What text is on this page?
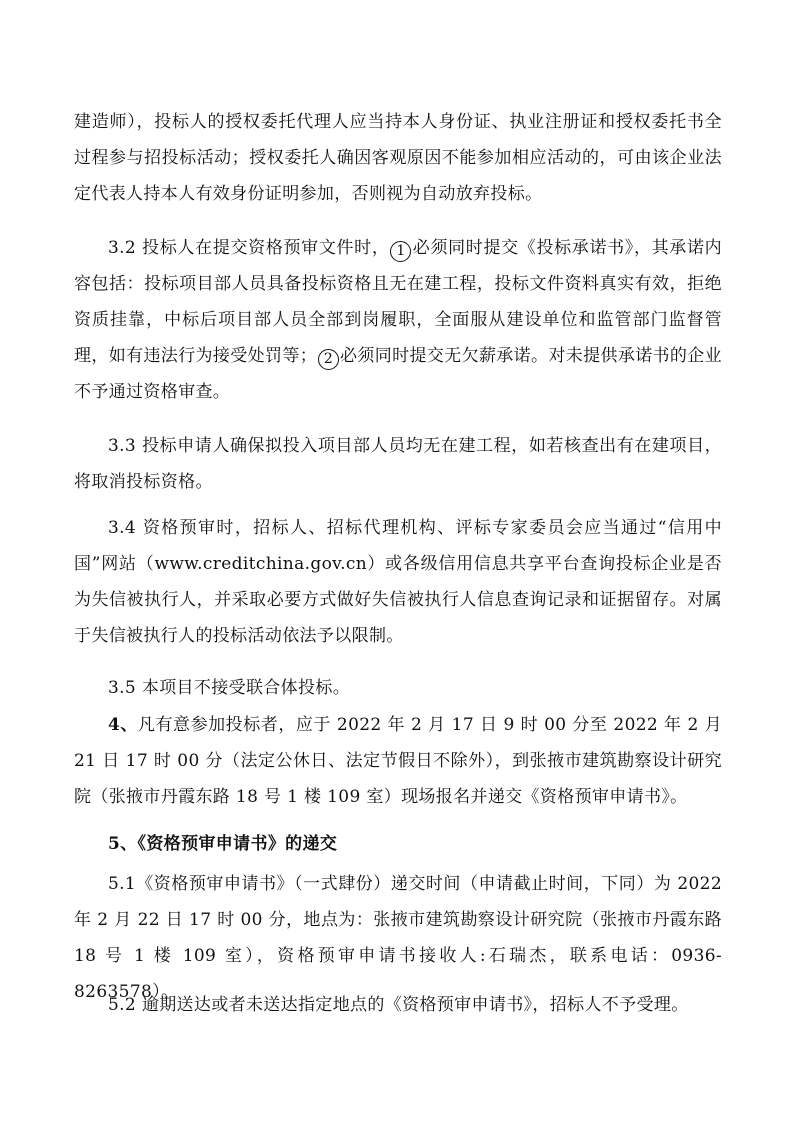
建造师），投标人的授权委托代理人应当持本人身份证、执业注册证和授权委托书全过程参与招投标活动；授权委托人确因客观原因不能参加相应活动的，可由该企业法定代表人持本人有效身份证明参加，否则视为自动放弃投标。

3.2 投标人在提交资格预审文件时， 1 必须同时提交《投标承诺书》，其承诺内容包括：投标项目部人员具备投标资格且无在建工程，投标文件资料真实有效，拒绝资质挂靠，中标后项目部人员全部到岗履职，全面服从建设单位和监管部门监督管理，如有违法行为接受处罚等； 2 必须同时提交无欠薪承诺。对未提供承诺书的企业不予通过资格审查。

3.3 投标申请人确保拟投入项目部人员均无在建工程，如若核查出有在建项目，将取消投标资格。

3.4 资格预审时，招标人、招标代理机构、评标专家委员会应当通过“信用中国”网站（www.creditchina.gov.cn）或各级信用信息共享平台查询投标企业是否为失信被执行人，并采取必要方式做好失信被执行人信息查询记录和证据留存。对属于失信被执行人的投标活动依法予以限制。

3.5 本项目不接受联合体投标。

4、凡有意参加投标者，应于 2022 年 2 月 17 日 9 时 00 分至 2022 年 2 月 21 日 17 时 00 分（法定公休日、法定节假日不除外），到张掖市建筑勘察设计研究院（张掖市丹霞东路 18 号 1 楼 109 室）现场报名并递交《资格预审申请书》。

5、《资格预审申请书》的递交

5.1《资格预审申请书》（一式肆份）递交时间（申请截止时间，下同）为 2022 年 2 月 22 日 17 时 00 分，地点为：张掖市建筑勘察设计研究院（张掖市丹霞东路 18 号 1 楼 109 室），资格预审申请书接收人:石瑞杰，联系电话：0936-8263578）。

5.2 逾期送达或者未送达指定地点的《资格预审申请书》，招标人不予受理。
